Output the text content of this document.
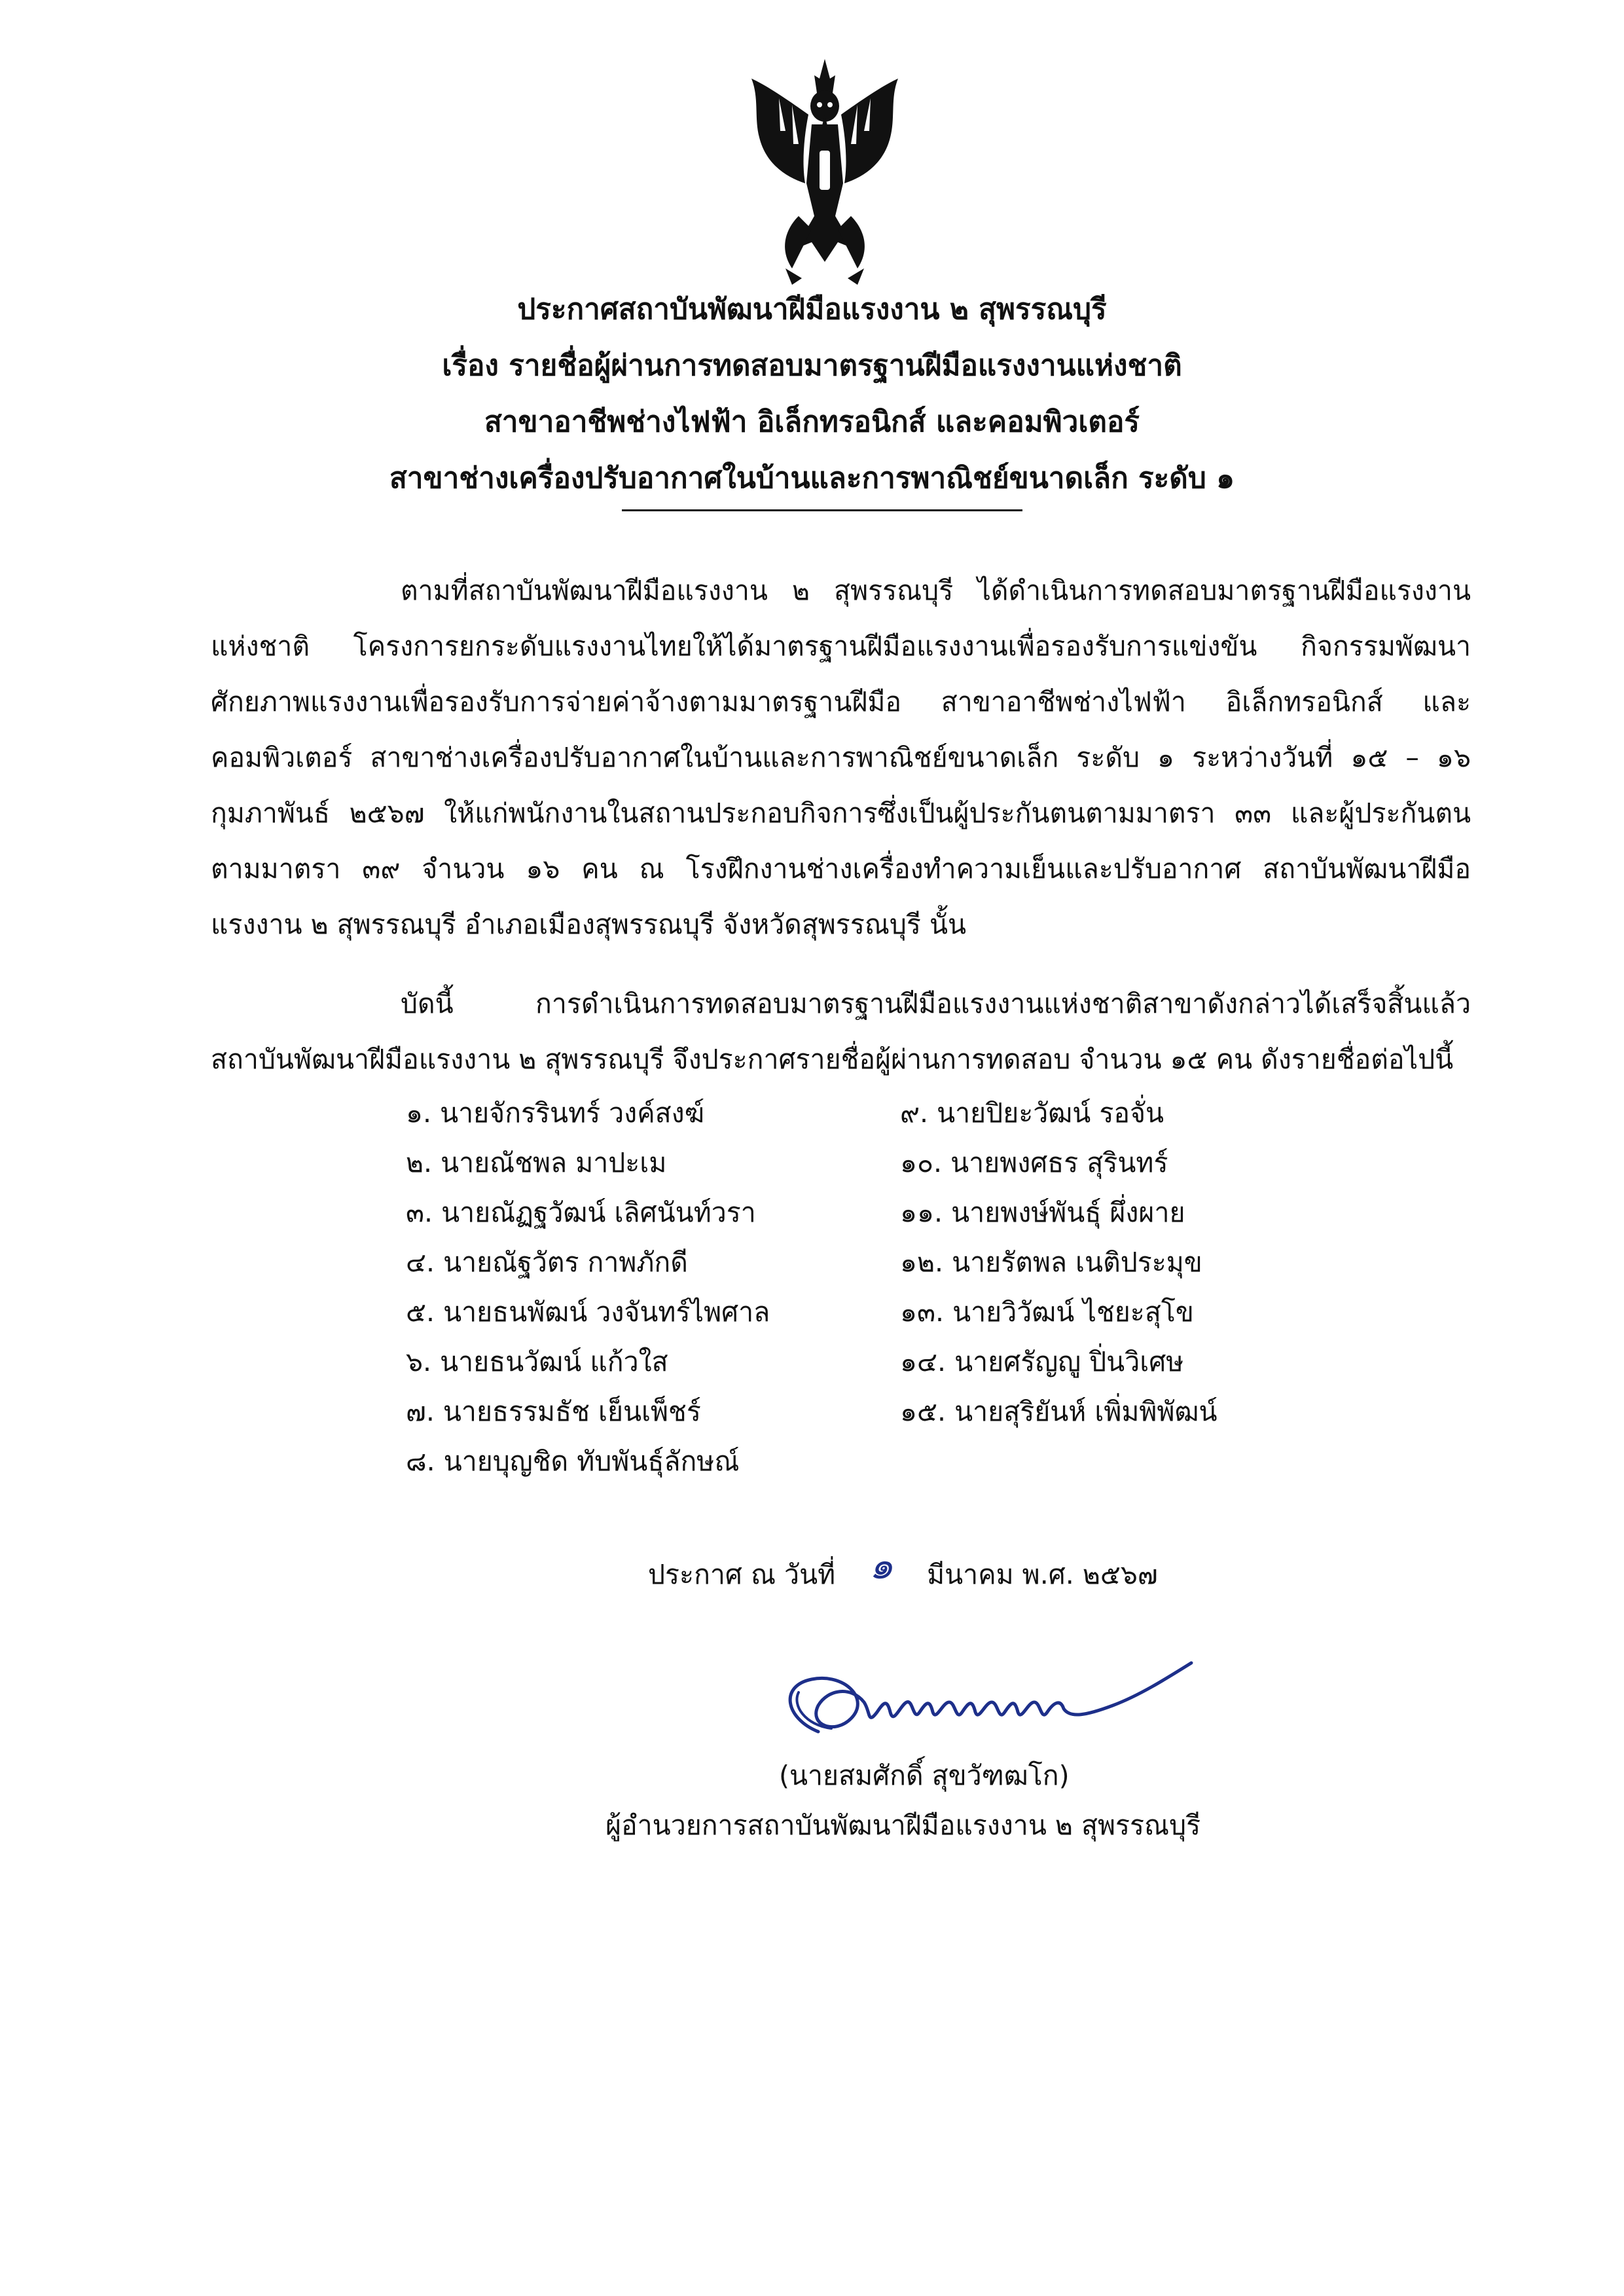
ประกาศสถาบันพัฒนาฝีมือแรงงาน ๒ สุพรรณบุรี
เรื่อง รายชื่อผู้ผ่านการทดสอบมาตรฐานฝีมือแรงงานแห่งชาติ
สาขาอาชีพช่างไฟฟ้า อิเล็กทรอนิกส์ และคอมพิวเตอร์
สาขาช่างเครื่องปรับอากาศในบ้านและการพาณิชย์ขนาดเล็ก ระดับ ๑

ตามที่สถาบันพัฒนาฝีมือแรงงาน ๒ สุพรรณบุรี ได้ดำเนินการทดสอบมาตรฐานฝีมือแรงงานแห่งชาติ โครงการยกระดับแรงงานไทยให้ได้มาตรฐานฝีมือแรงงานเพื่อรองรับการแข่งขัน กิจกรรมพัฒนาศักยภาพแรงงานเพื่อรองรับการจ่ายค่าจ้างตามมาตรฐานฝีมือ สาขาอาชีพช่างไฟฟ้า อิเล็กทรอนิกส์ และคอมพิวเตอร์ สาขาช่างเครื่องปรับอากาศในบ้านและการพาณิชย์ขนาดเล็ก ระดับ ๑ ระหว่างวันที่ ๑๕ – ๑๖ กุมภาพันธ์ ๒๕๖๗ ให้แก่พนักงานในสถานประกอบกิจการซึ่งเป็นผู้ประกันตนตามมาตรา ๓๓ และผู้ประกันตนตามมาตรา ๓๙ จำนวน ๑๖ คน ณ โรงฝึกงานช่างเครื่องทำความเย็นและปรับอากาศ สถาบันพัฒนาฝีมือแรงงาน ๒ สุพรรณบุรี อำเภอเมืองสุพรรณบุรี จังหวัดสุพรรณบุรี นั้น

บัดนี้ การดำเนินการทดสอบมาตรฐานฝีมือแรงงานแห่งชาติสาขาดังกล่าวได้เสร็จสิ้นแล้ว สถาบันพัฒนาฝีมือแรงงาน ๒ สุพรรณบุรี จึงประกาศรายชื่อผู้ผ่านการทดสอบ จำนวน ๑๕ คน ดังรายชื่อต่อไปนี้

๑. นายจักรรินทร์ วงค์สงฆ์
๒. นายณัชพล มาปะเม
๓. นายณัฏฐวัฒน์ เลิศนันท์วรา
๔. นายณัฐวัตร กาพภักดี
๕. นายธนพัฒน์ วงจันทร์ไพศาล
๖. นายธนวัฒน์ แก้วใส
๗. นายธรรมธัช เย็นเพ็ชร์
๘. นายบุญชิด ทับพันธุ์ลักษณ์
๙. นายปิยะวัฒน์ รอจั่น
๑๐. นายพงศธร สุรินทร์
๑๑. นายพงษ์พันธุ์ ผึ่งผาย
๑๒. นายรัตพล เนติประมุข
๑๓. นายวิวัฒน์ ไชยะสุโข
๑๔. นายศรัญญู ปิ่นวิเศษ
๑๕. นายสุริยันห์ เพิ่มพิพัฒน์
ประกาศ ณ วันที่ ๑ มีนาคม พ.ศ. ๒๕๖๗
(นายสมศักดิ์ สุขวัฑฒโก)
ผู้อำนวยการสถาบันพัฒนาฝีมือแรงงาน ๒ สุพรรณบุรี
